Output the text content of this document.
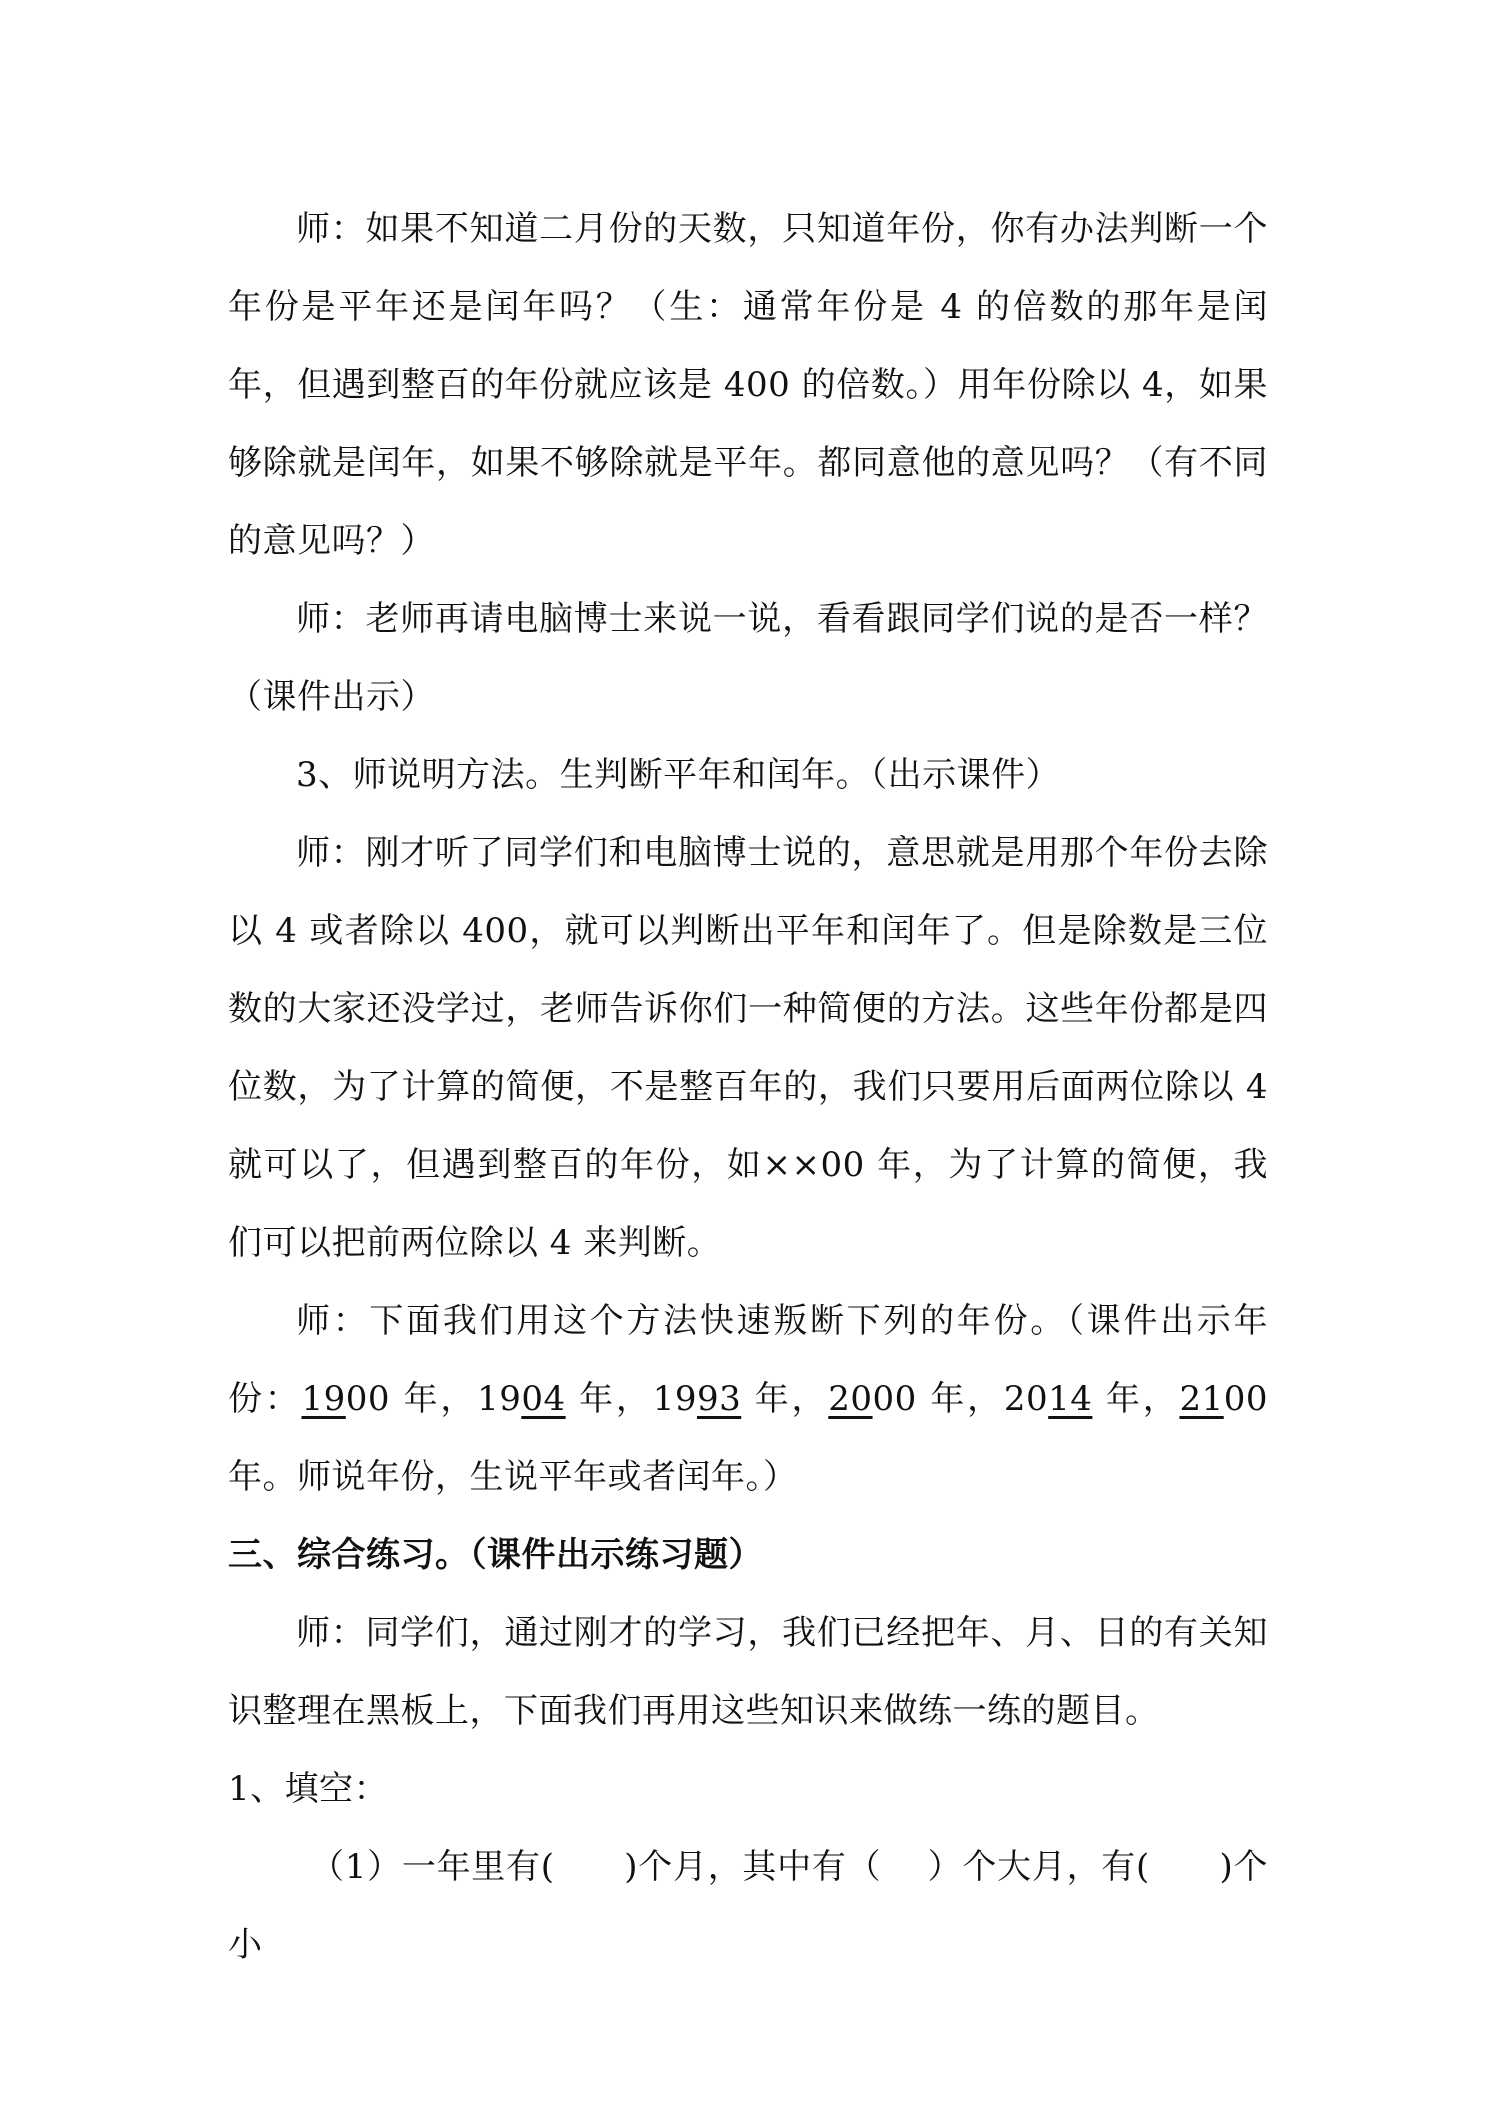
师：如果不知道二月份的天数，只知道年份，你有办法判断一个年份是平年还是闰年吗？（生：通常年份是 4 的倍数的那年是闰年，但遇到整百的年份就应该是 400 的倍数。）用年份除以 4，如果够除就是闰年，如果不够除就是平年。都同意他的意见吗？（有不同的意见吗？）

师：老师再请电脑博士来说一说，看看跟同学们说的是否一样？（课件出示）

3、师说明方法。生判断平年和闰年。（出示课件）

师：刚才听了同学们和电脑博士说的，意思就是用那个年份去除以 4 或者除以 400，就可以判断出平年和闰年了。但是除数是三位数的大家还没学过，老师告诉你们一种简便的方法。这些年份都是四位数，为了计算的简便，不是整百年的，我们只要用后面两位除以 4 就可以了，但遇到整百的年份，如××00 年，为了计算的简便，我们可以把前两位除以 4 来判断。

师：下面我们用这个方法快速叛断下列的年份。（课件出示年份：1900 年，1904 年，1993 年，2000 年，2014 年，2100 年。师说年份，生说平年或者闰年。）

三、综合练习。（课件出示练习题）

师：同学们，通过刚才的学习，我们已经把年、月、日的有关知识整理在黑板上，下面我们再用这些知识来做练一练的题目。

1、填空：

（1）一年里有(　　)个月，其中有（　 ）个大月，有(　　)个小
